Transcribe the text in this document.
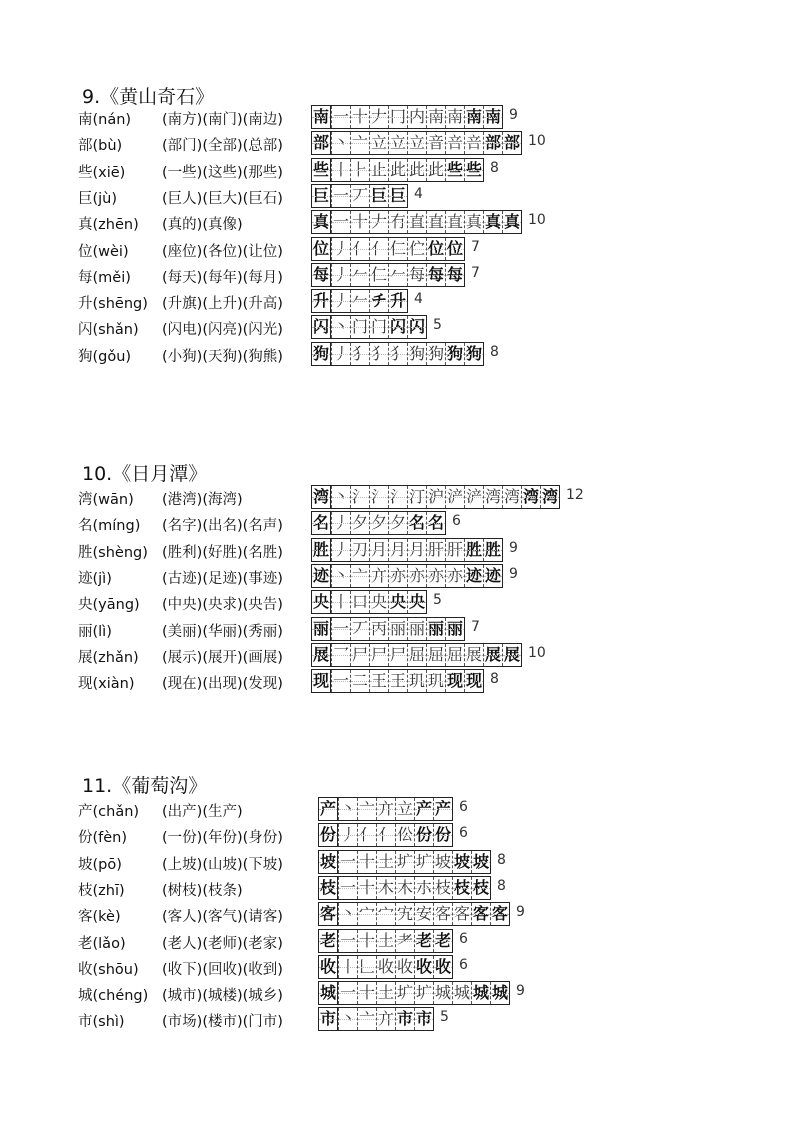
9.《黄山奇石》
南(nán) (南方)(南门)(南边) 南 一 十 𠂇 冂 内 南 南 南 南 9
部(bù)	(部门)(全部)(总部) 部 丶 亠 立 立 立 音 咅 咅 部 部 10
些(xiē)	(一些)(这些)(那些) 些 丨 ⺊ 止 此 此 此 些 些 8
巨(jù)	(巨人)(巨大)(巨石) 巨 一 丆 巨 巨 4
真(zhēn) (真的)(真像)	真 一 十 𠂇 冇 直 直 直 真 真 真 10
位(wèi) (座位)(各位)(让位) 位 丿 亻 亻 仁 伫 位 位 7
每(měi) (每天)(每年)(每月) 每 丿 𠂉 仁 𠂉 每 每 每 7
升(shēng) (升旗)(上升)(升高) 升 丿 𠂉 チ 升 4
闪(shǎn) (闪电)(闪亮)(闪光) 闪 丶 门 门 闪 闪 5
狗(gǒu) (小狗)(天狗)(狗熊) 狗 丿 犭 犭 犭 狗 狗 狗 狗 8
10.《日月潭》
湾(wān) (港湾)(海湾)	湾 丶 氵 氵 氵 汀 沪 浐 浐 湾 湾 湾 湾 12
名(míng) (名字)(出名)(名声) 名 丿 夕 夕 夕 名 名 6
胜(shèng) (胜利)(好胜)(名胜) 胜 丿 刀 月 月 月 肝 肝 胜 胜 9
迹(jì)	(古迹)(足迹)(事迹) 迹 丶 亠 亣 亦 亦 亦 亦 迹 迹 9
央(yāng) (中央)(央求)(央告) 央 丨 口 央 央 央 5
丽(lì)	(美丽)(华丽)(秀丽) 丽 一 丆 丙 丽 丽 丽 丽 7
展(zhǎn) (展示)(展开)(画展) 展 乛 尸 尸 尸 屈 屈 屈 展 展 展 10
现(xiàn) (现在)(出现)(发现) 现 一 二 王 王 玑 玑 现 现 8
11.《葡萄沟》
产(chǎn) (出产)(生产)	产 丶 亠 亣 立 产 产 6
份(fèn) (一份)(年份)(身份) 份 丿 亻 亻 伀 份 份 6
坡(pō)	(上坡)(山坡)(下坡) 坡 一 十 土 圹 圹 坡 坡 坡 8
枝(zhī)	(树枝)(枝条)	枝 一 十 木 木 朩 枝 枝 枝 8
客(kè)	(客人)(客气)(请客) 客 丶 宀 宀 宄 安 客 客 客 客 9
老(lǎo)	(老人)(老师)(老家) 老 一 十 土 耂 老 老 6
收(shōu) (收下)(回收)(收到) 收 丨 𠃊 收 收 收 收 6
城(chéng) (城市)(城楼)(城乡) 城 一 十 土 圹 圹 城 城 城 城 9
市(shì)	(市场)(楼市)(门市) 市 丶 亠 亣 市 市 5
